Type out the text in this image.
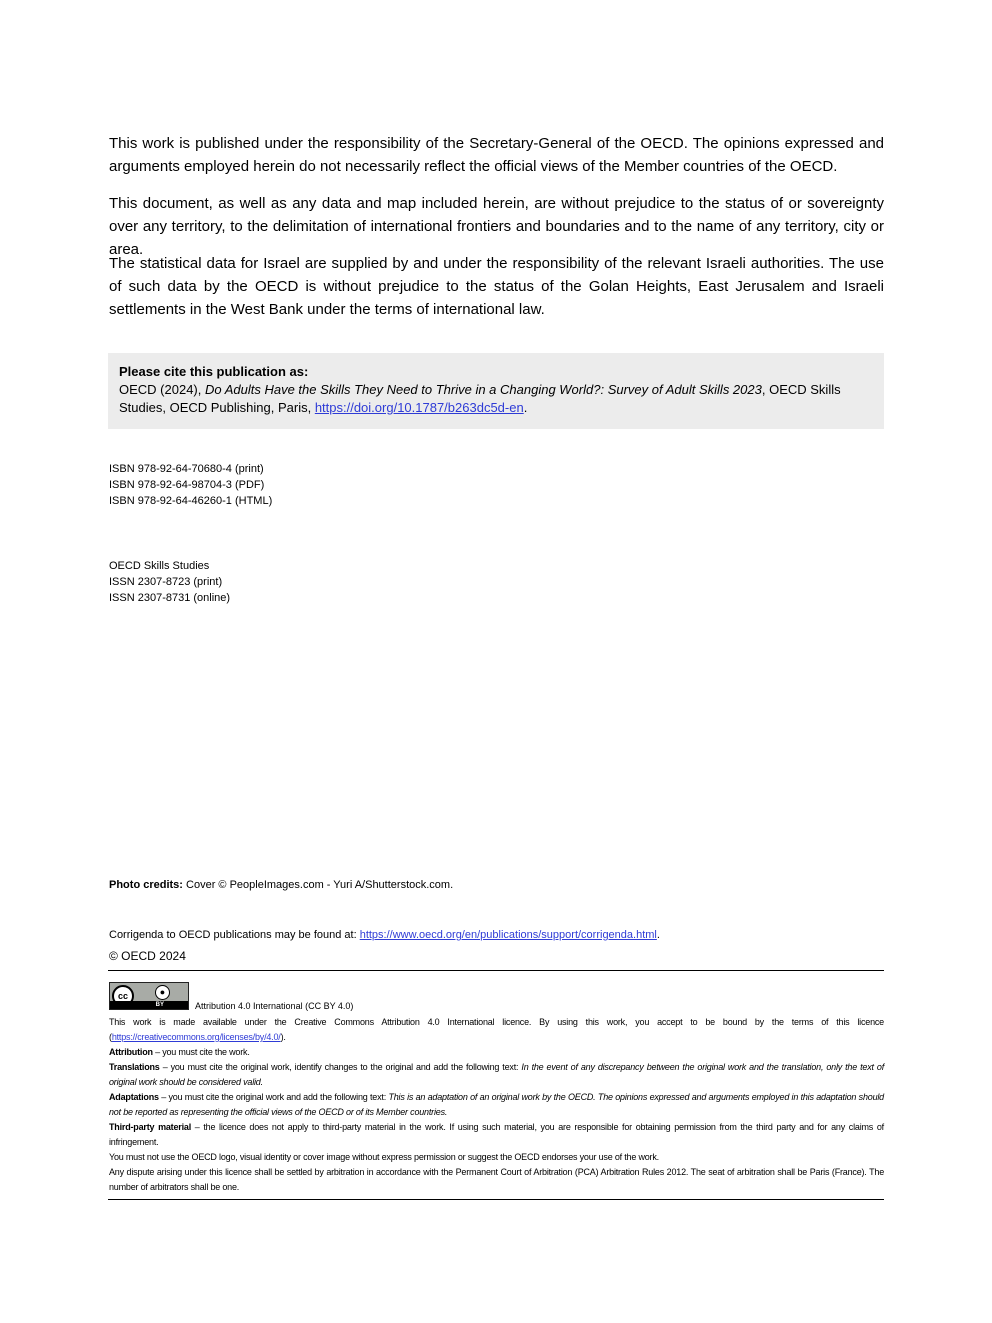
This work is published under the responsibility of the Secretary-General of the OECD. The opinions expressed and arguments employed herein do not necessarily reflect the official views of the Member countries of the OECD.

This document, as well as any data and map included herein, are without prejudice to the status of or sovereignty over any territory, to the delimitation of international frontiers and boundaries and to the name of any territory, city or area.

The statistical data for Israel are supplied by and under the responsibility of the relevant Israeli authorities. The use of such data by the OECD is without prejudice to the status of the Golan Heights, East Jerusalem and Israeli settlements in the West Bank under the terms of international law.

Please cite this publication as:
OECD (2024), Do Adults Have the Skills They Need to Thrive in a Changing World?: Survey of Adult Skills 2023, OECD Skills Studies, OECD Publishing, Paris, https://doi.org/10.1787/b263dc5d-en.
ISBN 978-92-64-70680-4 (print)
ISBN 978-92-64-98704-3 (PDF)
ISBN 978-92-64-46260-1 (HTML)
OECD Skills Studies
ISSN 2307-8723 (print)
ISSN 2307-8731 (online)
Photo credits: Cover © PeopleImages.com - Yuri A/Shutterstock.com.
Corrigenda to OECD publications may be found at: https://www.oecd.org/en/publications/support/corrigenda.html.
© OECD 2024
cc	●
BY	Attribution 4.0 International (CC BY 4.0)

This work is made available under the Creative Commons Attribution 4.0 International licence. By using this work, you accept to be bound by the terms of this licence (https://creativecommons.org/licenses/by/4.0/).

Attribution – you must cite the work.

Translations – you must cite the original work, identify changes to the original and add the following text: In the event of any discrepancy between the original work and the translation, only the text of original work should be considered valid.

Adaptations – you must cite the original work and add the following text: This is an adaptation of an original work by the OECD. The opinions expressed and arguments employed in this adaptation should not be reported as representing the official views of the OECD or of its Member countries.

Third-party material – the licence does not apply to third-party material in the work. If using such material, you are responsible for obtaining permission from the third party and for any claims of infringement.

You must not use the OECD logo, visual identity or cover image without express permission or suggest the OECD endorses your use of the work.

Any dispute arising under this licence shall be settled by arbitration in accordance with the Permanent Court of Arbitration (PCA) Arbitration Rules 2012. The seat of arbitration shall be Paris (France). The number of arbitrators shall be one.
